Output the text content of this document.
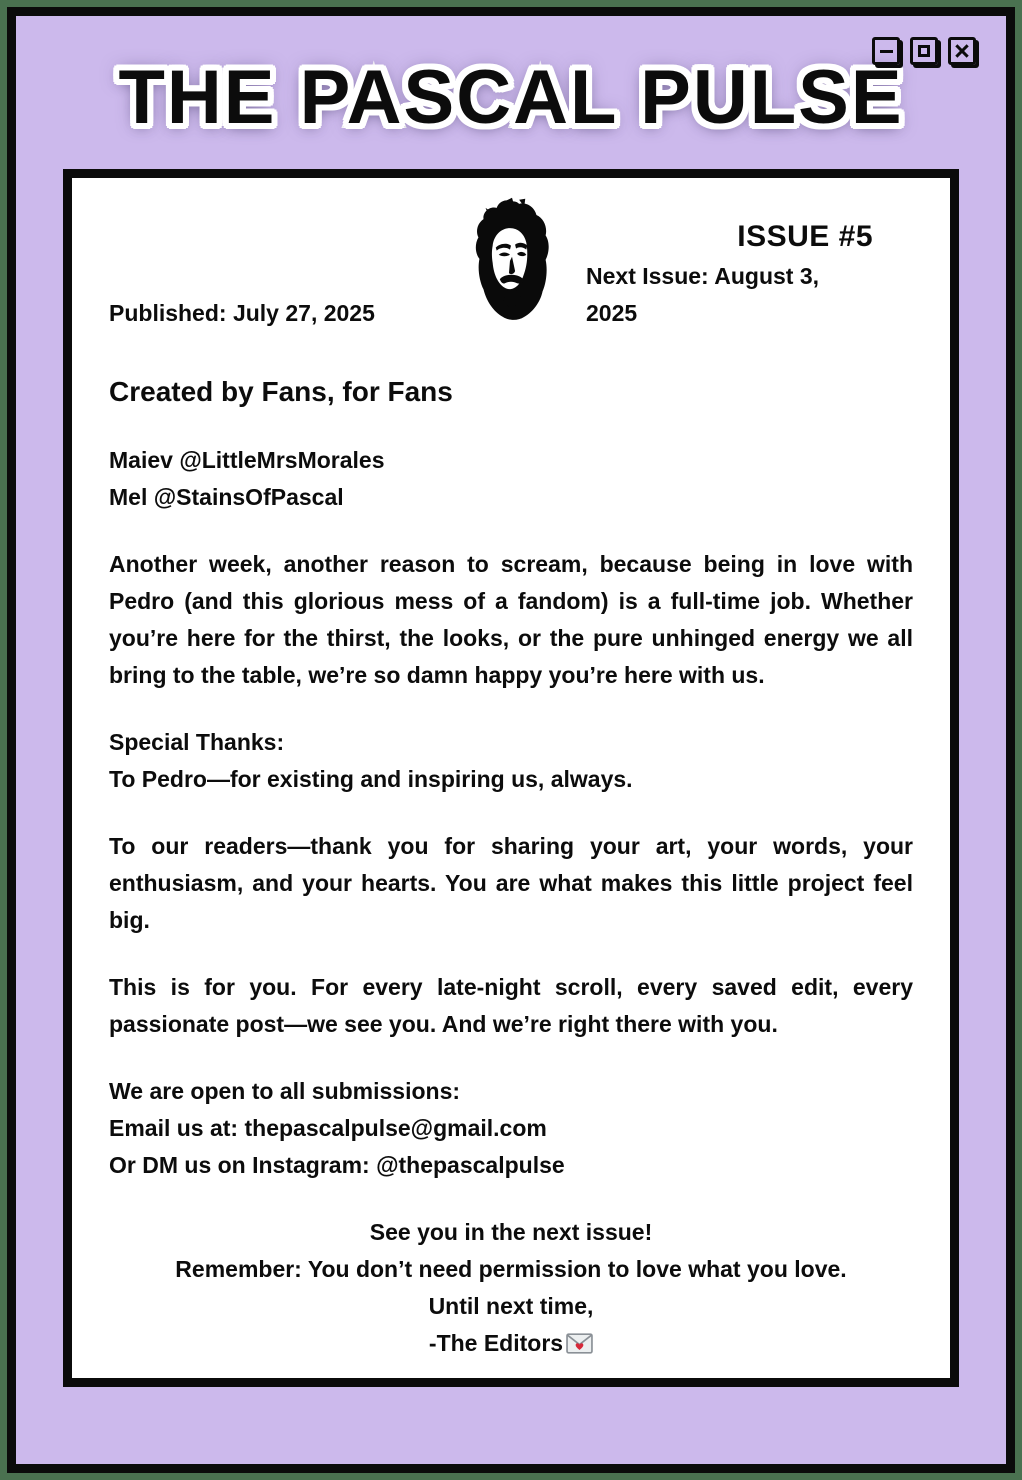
THE PASCAL PULSE
Published: July 27, 2025
ISSUE #5
Next Issue: August 3, 2025
Created by Fans, for Fans
Maiev @LittleMrsMorales
Mel @StainsOfPascal

Another week, another reason to scream, because being in love with Pedro (and this glorious mess of a fandom) is a full-time job. Whether you’re here for the thirst, the looks, or the pure unhinged energy we all bring to the table, we’re so damn happy you’re here with us.

Special Thanks:
To Pedro—for existing and inspiring us, always.

To our readers—thank you for sharing your art, your words, your enthusiasm, and your hearts. You are what makes this little project feel big.

This is for you. For every late-night scroll, every saved edit, every passionate post—we see you. And we’re right there with you.

We are open to all submissions:
Email us at: thepascalpulse@gmail.com
Or DM us on Instagram: @thepascalpulse
See you in the next issue!
Remember: You don’t need permission to love what you love.
Until next time,
-The Editors
